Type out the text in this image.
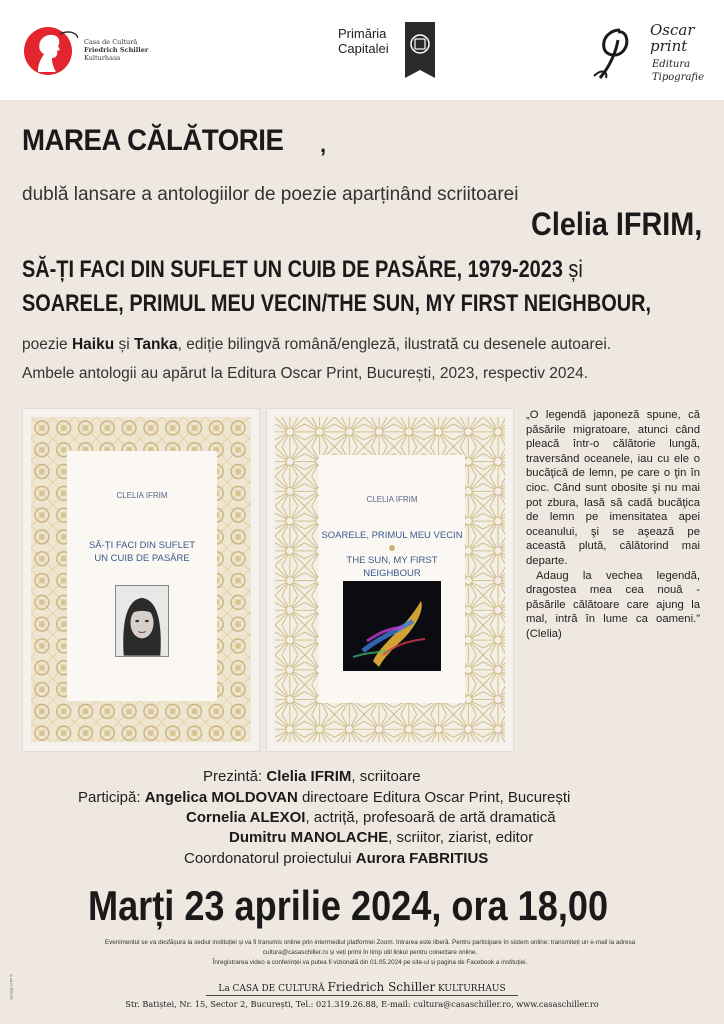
Casa de Cultură
Friedrich Schiller
Kulturhaus
Primăria
Capitalei
Oscar
print
Editura
Tipografie
MAREA CĂLĂTORIE ,
dublă lansare a antologiilor de poezie aparținând scriitoarei
Clelia IFRIM,
SĂ-ȚI FACI DIN SUFLET UN CUIB DE PASĂRE, 1979-2023 și
SOARELE, PRIMUL MEU VECIN/THE SUN, MY FIRST NEIGHBOUR,
poezie Haiku și Tanka, ediție bilingvă română/engleză, ilustrată cu desenele autoarei.
Ambele antologii au apărut la Editura Oscar Print, București, 2023, respectiv 2024.
CLELIA IFRIM
SĂ-ȚI FACI DIN SUFLET
UN CUIB DE PASĂRE
CLELIA IFRIM
SOARELE, PRIMUL MEU VECIN
THE SUN, MY FIRST NEIGHBOUR

„O legendă japoneză spune, că păsările migratoare, atunci când pleacă într-o călătorie lungă, traversând oceanele, iau cu ele o bucăţică de lemn, pe care o ţin în cioc. Când sunt obosite şi nu mai pot zbura, lasă să cadă bucăţica de lemn pe imensitatea apei oceanului, şi se aşează pe această plută, călătorind mai departe.

Adaug la vechea legendă, dragostea mea cea nouă - păsările călătoare care ajung la mal, intră în lume ca oameni.” (Clelia)

Prezintă: Clelia IFRIM, scriitoare
Participă: Angelica MOLDOVAN directoare Editura Oscar Print, București
Cornelia ALEXOI, actriță, profesoară de artă dramatică
Dumitru MANOLACHE, scriitor, ziarist, editor
Coordonatorul proiectului Aurora FABRITIUS
Marți 23 aprilie 2024, ora 18,00
Design DTP ©
Evenimentul se va desfășura la sediul instituției și va fi transmis online prin intermediul platformei Zoom. Intrarea este liberă. Pentru participare în sistem online: transmiteți un e-mail la adresa
cultura@casaschiller.ro și veți primi în timp util linkul pentru conectare online.
Înregistrarea video a conferinței va putea fi vizionată din 01.05.2024 pe site-ul și pagina de Facebook a instituției.
La CASA DE CULTURĂ Friedrich Schiller KULTURHAUS
Str. Batiștei, Nr. 15, Sector 2, București, Tel.: 021.319.26.88, E-mail: cultura@casaschiller.ro, www.casaschiller.ro
